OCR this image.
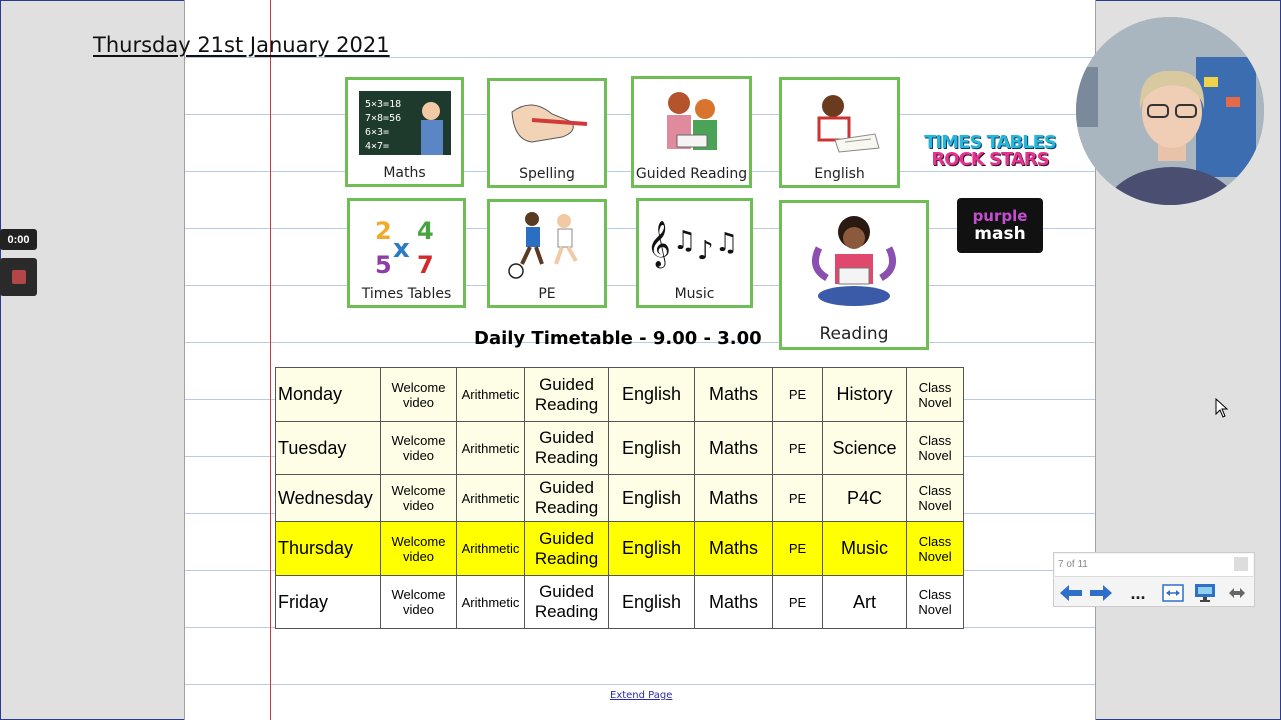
0:00
Thursday 21st January 2021
5×3=18
7×8=56
6×3=
4×7=
Maths	Spelling	Guided Reading	English
TIMES TABLES
ROCK STARS
purple
mash
2 4
x
5 7
Times Tables	PE
𝄞 ♫ ♪ ♫
Music
Reading
Daily Timetable - 9.00 - 3.00
Monday	Welcome video	Arithmetic	Guided Reading	English	Maths	PE	History	Class Novel
Tuesday	Welcome video	Arithmetic	Guided Reading	English	Maths	PE	Science	Class Novel
Wednesday	Welcome video	Arithmetic	Guided Reading	English	Maths	PE	P4C	Class Novel
Thursday	Welcome video	Arithmetic	Guided Reading	English	Maths	PE	Music	Class Novel
Friday	Welcome video	Arithmetic	Guided Reading	English	Maths	PE	Art	Class Novel
Extend Page
7 of 11
...
